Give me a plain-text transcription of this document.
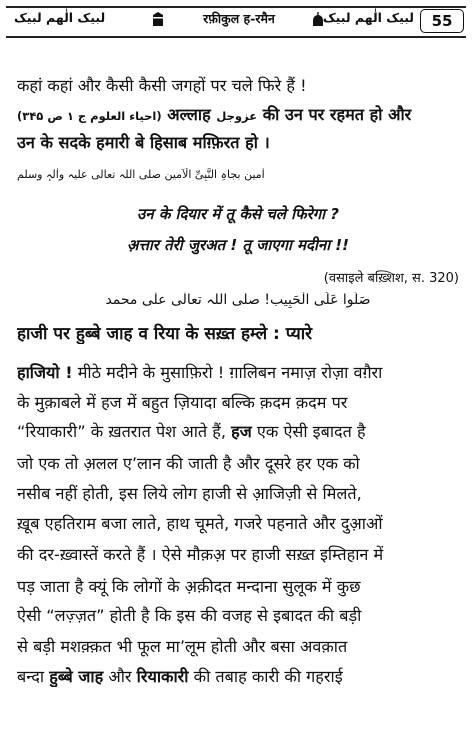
لبیک الٰھم لبیک	रफ़ीकुल ह-रमैन	لبیک الٰھم لبیک	55
कहां कहां और कैसी कैसी जगहों पर चले फिरे हैं !
(احیاء العلوم ج ۱ ص ۳۴۵) अल्लाह عزوجل की उन पर रहमत हो और
उन के सदके हमारी बे हिसाब मग़्फ़िरत हो ।
اٰمین بجاہِ النَّبِیِّ الْاَمین صلی اللہ تعالی علیہ واٰلہٖ وسلم
उन के दियार में तू कैसे चले फिरेगा ?
अ़त्तार तेरी जुरअत ! तू जाएगा मदीना !!
(वसाइले बख़्शिश, स. 320)
صَلُّوا عَلَی الْحَبِیب! صلی اللہ تعالٰی علٰی محمد
हाजी पर हुब्बे जाह व रिया के सख़्त हम्ले : प्यारे
हाजियो ! मीठे मदीने के मुसाफ़िरो ! ग़ालिबन नमाज़ रोज़ा वग़ैरा
के मुक़ाबले में हज में बहुत ज़ियादा बल्कि क़दम क़दम पर
“रियाकारी” के ख़तरात पेश आते हैं, हज एक ऐसी इबादत है
जो एक तो अ़लल ए’लान की जाती है और दूसरे हर एक को
नसीब नहीं होती, इस लिये लोग हाजी से आ़जिज़ी से मिलते,
ख़ूब एहतिराम बजा लाते, हाथ चूमते, गजरे पहनाते और दुआ़ओं
की दर-ख़्वास्तें करते हैं । ऐसे मौक़अ़ पर हाजी सख़्त इम्तिहान में
पड़ जाता है क्यूं कि लोगों के अ़क़ीदत मन्दाना सुलूक में कुछ
ऐसी “लज़्ज़त” होती है कि इस की वजह से इबादत की बड़ी
से बड़ी मशक़्क़त भी फूल मा’लूम होती और बसा अवक़ात
बन्दा हुब्बे जाह और रियाकारी की तबाह कारी की गहराई
